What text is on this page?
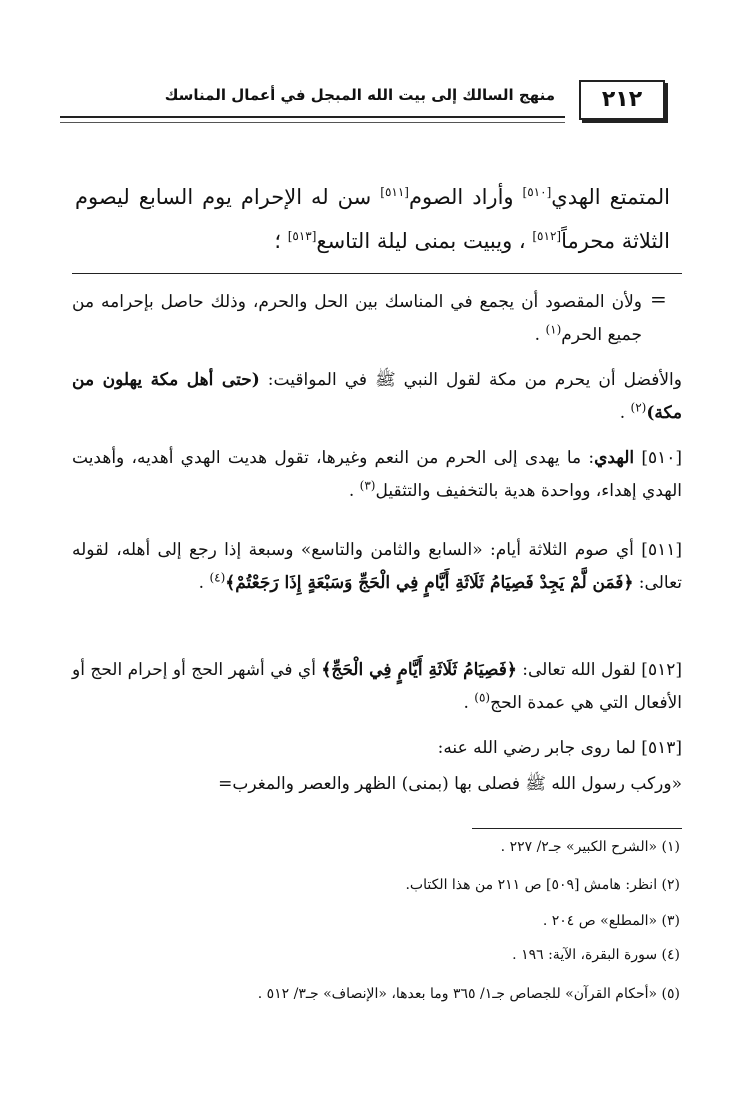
٢١٢
منهج السالك إلى بيت الله المبجل في أعمال المناسك
المتمتع الهدي[٥١٠] وأراد الصوم[٥١١] سن له الإحرام يوم السابع ليصوم الثلاثة محرماً[٥١٢] ، ويبيت بمنى ليلة التاسع[٥١٣] ؛
=
ولأن المقصود أن يجمع في المناسك بين الحل والحرم، وذلك حاصل بإحرامه من جميع الحرم$^{(١)}$ .
والأفضل أن يحرم من مكة لقول النبي ﷺ في المواقيت: (حتى أهل مكة يهلون من مكة)$^{(٢)}$ .
[٥١٠] الهدي: ما يهدى إلى الحرم من النعم وغيرها، تقول هديت الهدي أهديه، وأهديت الهدي إهداء، وواحدة هدية بالتخفيف والتثقيل$^{(٣)}$ .
[٥١١] أي صوم الثلاثة أيام: «السابع والثامن والتاسع» وسبعة إذا رجع إلى أهله، لقوله تعالى: ﴿فَمَن لَّمْ يَجِدْ فَصِيَامُ ثَلَاثَةِ أَيَّامٍ فِي الْحَجِّ وَسَبْعَةٍ إِذَا رَجَعْتُمْ﴾$^{(٤)}$ .
[٥١٢] لقول الله تعالى: ﴿فَصِيَامُ ثَلَاثَةِ أَيَّامٍ فِي الْحَجِّ﴾ أي في أشهر الحج أو إحرام الحج أو الأفعال التي هي عمدة الحج$^{(٥)}$ .
[٥١٣] لما روى جابر رضي الله عنه:
«وركب رسول الله ﷺ فصلى بها (بمنى) الظهر والعصر والمغرب=
(١) «الشرح الكبير» جـ٢/ ٢٢٧ .
(٢) انظر: هامش [٥٠٩] ص ٢١١ من هذا الكتاب.
(٣) «المطلع» ص ٢٠٤ .
(٤) سورة البقرة، الآية: ١٩٦ .
(٥) «أحكام القرآن» للجصاص جـ١/ ٣٦٥ وما بعدها، «الإنصاف» جـ٣/ ٥١٢ .
